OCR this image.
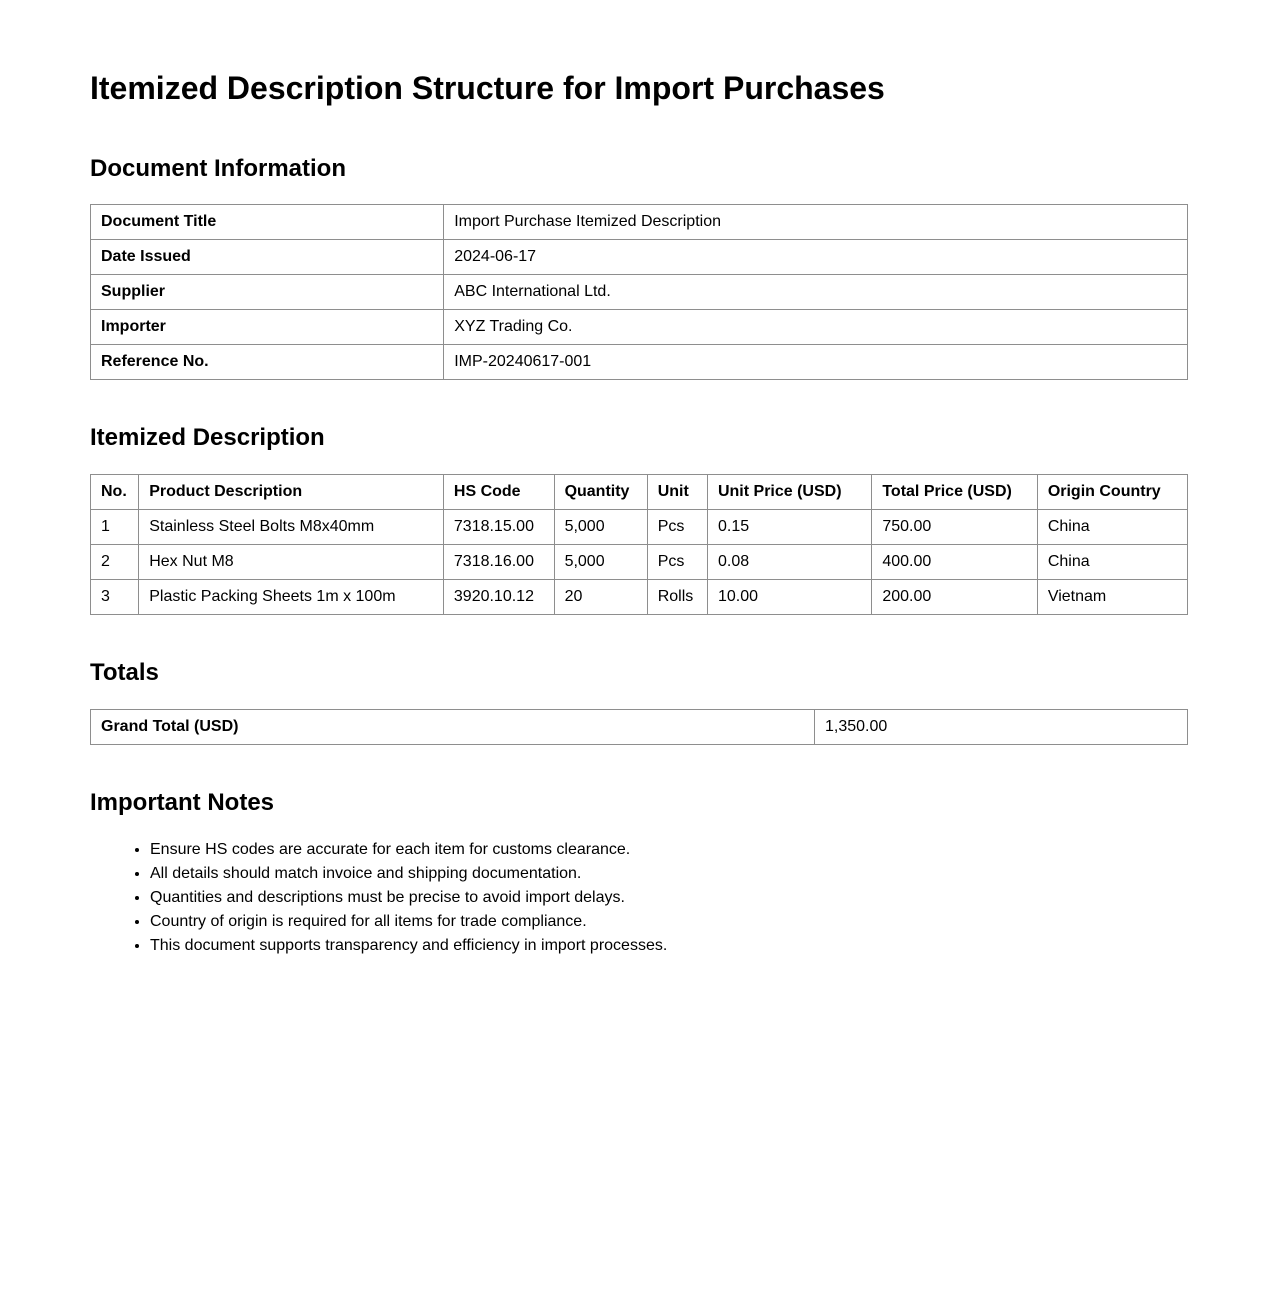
Itemized Description Structure for Import Purchases
Document Information
Document Title	Import Purchase Itemized Description
Date Issued	2024-06-17
Supplier	ABC International Ltd.
Importer	XYZ Trading Co.
Reference No.	IMP-20240617-001
Itemized Description
No.	Product Description	HS Code	Quantity	Unit	Unit Price (USD)	Total Price (USD)	Origin Country
1	Stainless Steel Bolts M8x40mm	7318.15.00	5,000	Pcs	0.15	750.00	China
2	Hex Nut M8	7318.16.00	5,000	Pcs	0.08	400.00	China
3	Plastic Packing Sheets 1m x 100m	3920.10.12	20	Rolls	10.00	200.00	Vietnam
Totals
Grand Total (USD)	1,350.00
Important Notes
• Ensure HS codes are accurate for each item for customs clearance.
• All details should match invoice and shipping documentation.
• Quantities and descriptions must be precise to avoid import delays.
• Country of origin is required for all items for trade compliance.
• This document supports transparency and efficiency in import processes.
